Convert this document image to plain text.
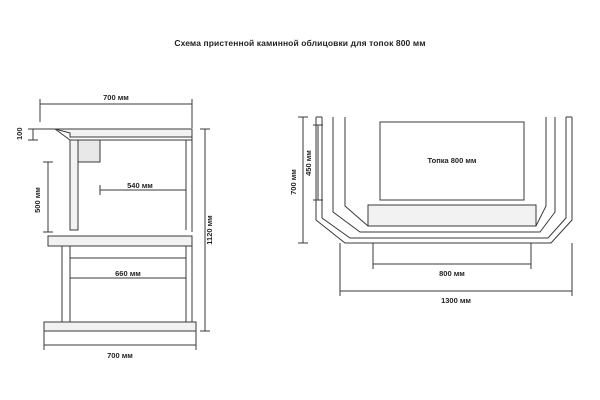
Схема пристенной каминной облицовки для топок 800 мм
700 мм
100
500 мм
540 мм
1120 мм
660 мм
700 мм
Топка 800 мм
450 мм
700 мм
800 мм
1300 мм
